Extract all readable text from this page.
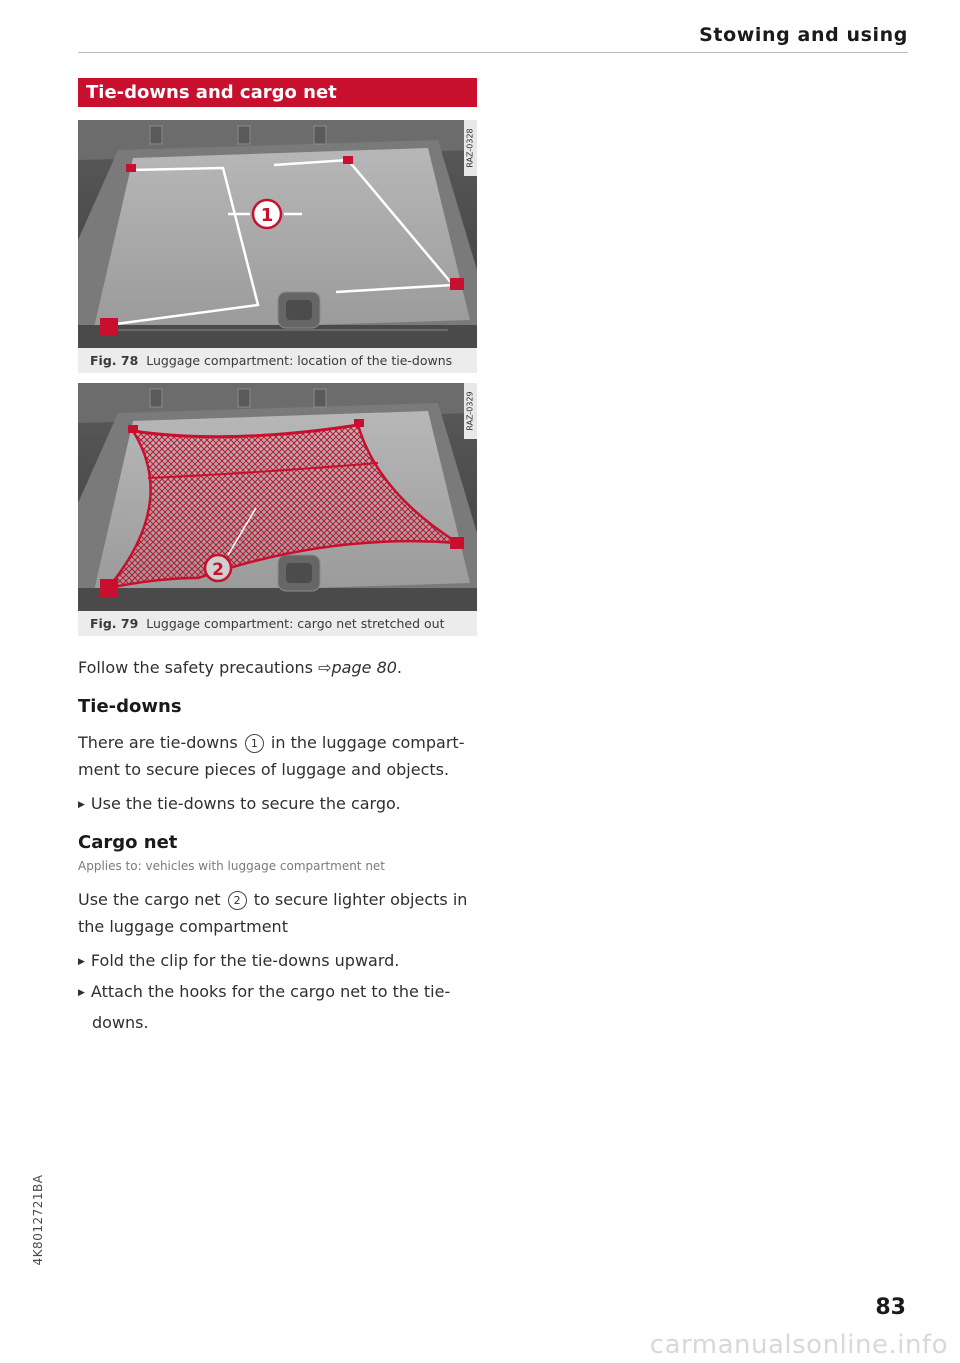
Stowing and using
Tie-downs and cargo net
1
RAZ-0328
Fig. 78 Luggage compartment: location of the tie-downs
2
RAZ-0329
Fig. 79 Luggage compartment: cargo net stretched out
Follow the safety precautions ⇨page 80.
Tie-downs
There are tie-downs 1 in the luggage compart-
ment to secure pieces of luggage and objects.
▶ Use the tie-downs to secure the cargo.
Cargo net
Applies to: vehicles with luggage compartment net
Use the cargo net 2 to secure lighter objects in
the luggage compartment
▶ Fold the clip for the tie-downs upward.
▶ Attach the hooks for the cargo net to the tie-
downs.
4K8012721BA
83
carmanualsonline.info
